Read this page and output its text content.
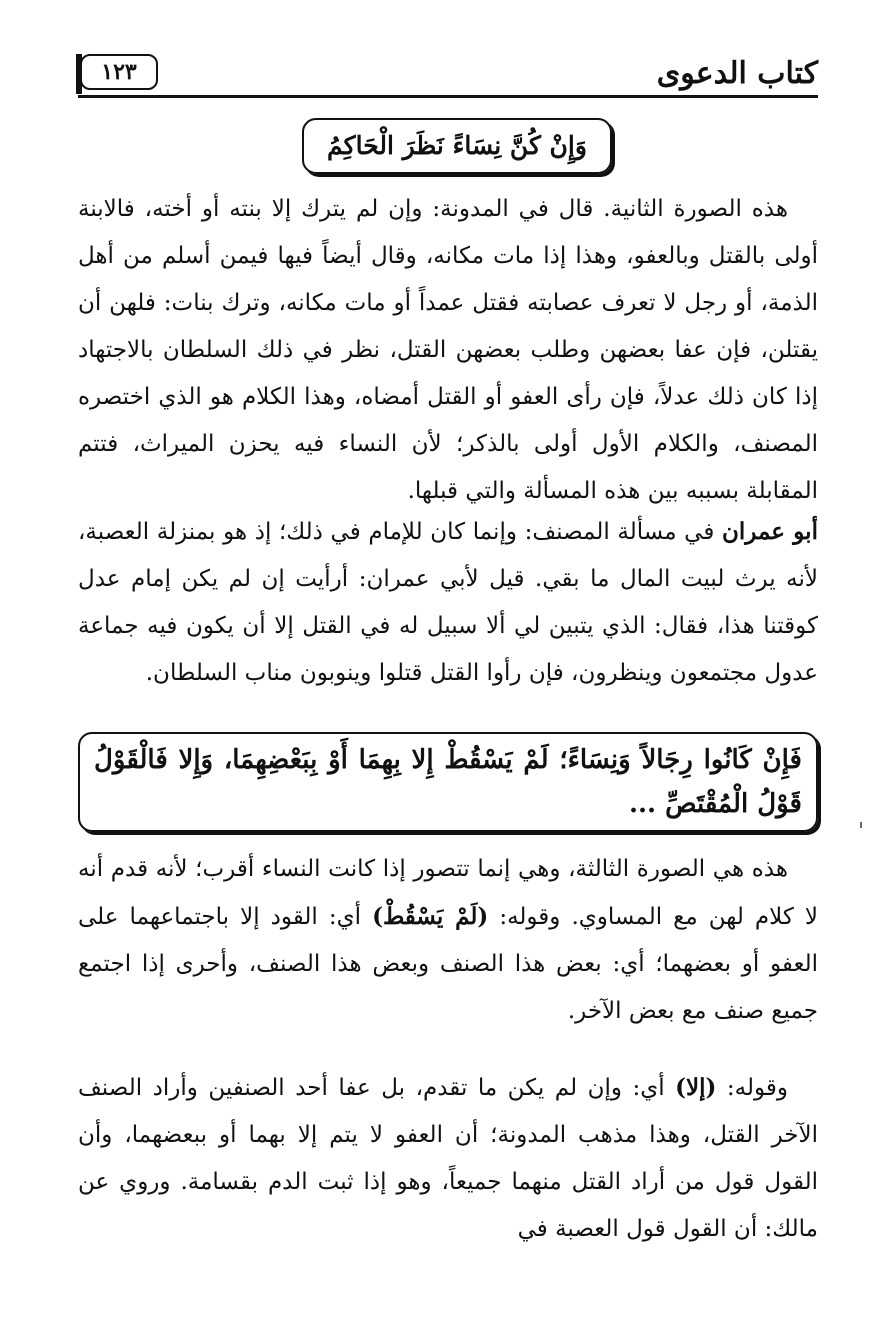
كتاب الدعوى
١٢٣
وَإِنْ كُنَّ نِسَاءً نَظَرَ الْحَاكِمُ
هذه الصورة الثانية. قال في المدونة: وإن لم يترك إلا بنته أو أخته، فالابنة أولى بالقتل وبالعفو، وهذا إذا مات مكانه، وقال أيضاً فيها فيمن أسلم من أهل الذمة، أو رجل لا تعرف عصابته فقتل عمداً أو مات مكانه، وترك بنات: فلهن أن يقتلن، فإن عفا بعضهن وطلب بعضهن القتل، نظر في ذلك السلطان بالاجتهاد إذا كان ذلك عدلاً، فإن رأى العفو أو القتل أمضاه، وهذا الكلام هو الذي اختصره المصنف، والكلام الأول أولى بالذكر؛ لأن النساء فيه يحزن الميراث، فتتم المقابلة بسببه بين هذه المسألة والتي قبلها.
أبو عمران في مسألة المصنف: وإنما كان للإمام في ذلك؛ إذ هو بمنزلة العصبة، لأنه يرث لبيت المال ما بقي. قيل لأبي عمران: أرأيت إن لم يكن إمام عدل كوقتنا هذا، فقال: الذي يتبين لي ألا سبيل له في القتل إلا أن يكون فيه جماعة عدول مجتمعون وينظرون، فإن رأوا القتل قتلوا وينوبون مناب السلطان.
فَإِنْ كَانُوا رِجَالاً وَنِسَاءً؛ لَمْ يَسْقُطْ إِلا بِهِمَا أَوْ بِبَعْضِهِمَا، وَإِلا فَالْقَوْلُ قَوْلُ الْمُقْتَصِّ ...
هذه هي الصورة الثالثة، وهي إنما تتصور إذا كانت النساء أقرب؛ لأنه قدم أنه لا كلام لهن مع المساوي. وقوله: (لَمْ يَسْقُطْ) أي: القود إلا باجتماعهما على العفو أو بعضهما؛ أي: بعض هذا الصنف وبعض هذا الصنف، وأحرى إذا اجتمع جميع صنف مع بعض الآخر.
وقوله: (إلا) أي: وإن لم يكن ما تقدم، بل عفا أحد الصنفين وأراد الصنف الآخر القتل، وهذا مذهب المدونة؛ أن العفو لا يتم إلا بهما أو ببعضهما، وأن القول قول من أراد القتل منهما جميعاً، وهو إذا ثبت الدم بقسامة. وروي عن مالك: أن القول قول العصبة في
